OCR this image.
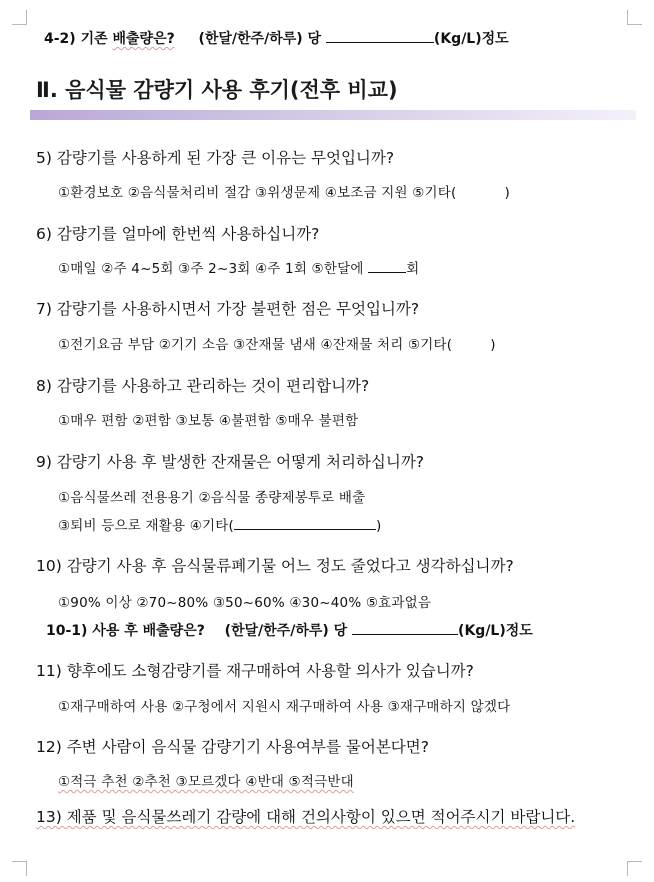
4-2) 기존 배출량은? (한달/한주/하루) 당	(Kg/L)정도
Ⅱ. 음식물 감량기 사용 후기(전후 비교)
5) 감량기를 사용하게 된 가장 큰 이유는 무엇입니까?
①환경보호 ②음식물처리비 절감 ③위생문제 ④보조금 지원 ⑤기타(	)
6) 감량기를 얼마에 한번씩 사용하십니까?
①매일 ②주 4~5회 ③주 2~3회 ④주 1회 ⑤한달에	회
7) 감량기를 사용하시면서 가장 불편한 점은 무엇입니까?
①전기요금 부담 ②기기 소음 ③잔재물 냄새 ④잔재물 처리 ⑤기타(	)
8) 감량기를 사용하고 관리하는 것이 편리합니까?
①매우 편함 ②편함 ③보통 ④불편함 ⑤매우 불편함
9) 감량기 사용 후 발생한 잔재물은 어떻게 처리하십니까?
①음식물쓰레 전용용기 ②음식물 종량제봉투로 배출
③퇴비 등으로 재활용 ④기타(	)
10) 감량기 사용 후 음식물류폐기물 어느 정도 줄었다고 생각하십니까?
①90% 이상 ②70~80% ③50~60% ④30~40% ⑤효과없음
10-1) 사용 후 배출량은? (한달/한주/하루) 당	(Kg/L)정도
11) 향후에도 소형감량기를 재구매하여 사용할 의사가 있습니까?
①재구매하여 사용 ②구청에서 지원시 재구매하여 사용 ③재구매하지 않겠다
12) 주변 사람이 음식물 감량기기 사용여부를 물어본다면?
①적극 추천 ②추천 ③모르겠다 ④반대 ⑤적극반대
13) 제품 및 음식물쓰레기 감량에 대해 건의사항이 있으면 적어주시기 바랍니다.
